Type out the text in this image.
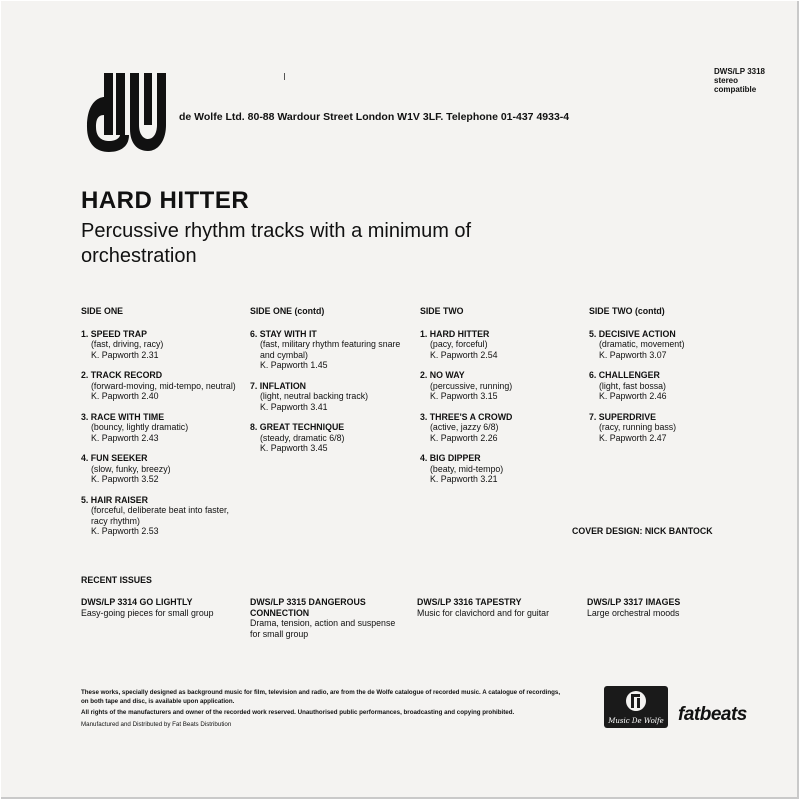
DWS/LP 3318
stereo
compatible
de Wolfe Ltd. 80-88 Wardour Street London W1V 3LF. Telephone 01-437 4933-4
HARD HITTER
Percussive rhythm tracks with a minimum of orchestration
SIDE ONE
1. SPEED TRAP
(fast, driving, racy)
K. Papworth 2.31
2. TRACK RECORD
(forward-moving, mid-tempo, neutral) K. Papworth 2.40
3. RACE WITH TIME
(bouncy, lightly dramatic)
K. Papworth 2.43
4. FUN SEEKER
(slow, funky, breezy)
K. Papworth 3.52
5. HAIR RAISER
(forceful, deliberate beat into faster, racy rhythm)
K. Papworth 2.53
SIDE ONE (contd)
6. STAY WITH IT
(fast, military rhythm featuring snare and cymbal)
K. Papworth 1.45
7. INFLATION
(light, neutral backing track)
K. Papworth 3.41
8. GREAT TECHNIQUE
(steady, dramatic 6/8)
K. Papworth 3.45
SIDE TWO
1. HARD HITTER
(pacy, forceful)
K. Papworth 2.54
2. NO WAY
(percussive, running)
K. Papworth 3.15
3. THREE'S A CROWD
(active, jazzy 6/8)
K. Papworth 2.26
4. BIG DIPPER
(beaty, mid-tempo)
K. Papworth 3.21
SIDE TWO (contd)
5. DECISIVE ACTION
(dramatic, movement)
K. Papworth 3.07
6. CHALLENGER
(light, fast bossa)
K. Papworth 2.46
7. SUPERDRIVE
(racy, running bass)
K. Papworth 2.47
COVER DESIGN: NICK BANTOCK
RECENT ISSUES
DWS/LP 3314 GO LIGHTLY
Easy-going pieces for small group
DWS/LP 3315 DANGEROUS CONNECTION
Drama, tension, action and suspense for small group
DWS/LP 3316 TAPESTRY
Music for clavichord and for guitar
DWS/LP 3317 IMAGES
Large orchestral moods

These works, specially designed as background music for film, television and radio, are from the de Wolfe catalogue of recorded music. A catalogue of recordings, on both tape and disc, is available upon application.

All rights of the manufacturers and owner of the recorded work reserved. Unauthorised public performances, broadcasting and copying prohibited.

Manufactured and Distributed by Fat Beats Distribution	Music De Wolfe fatbeats
